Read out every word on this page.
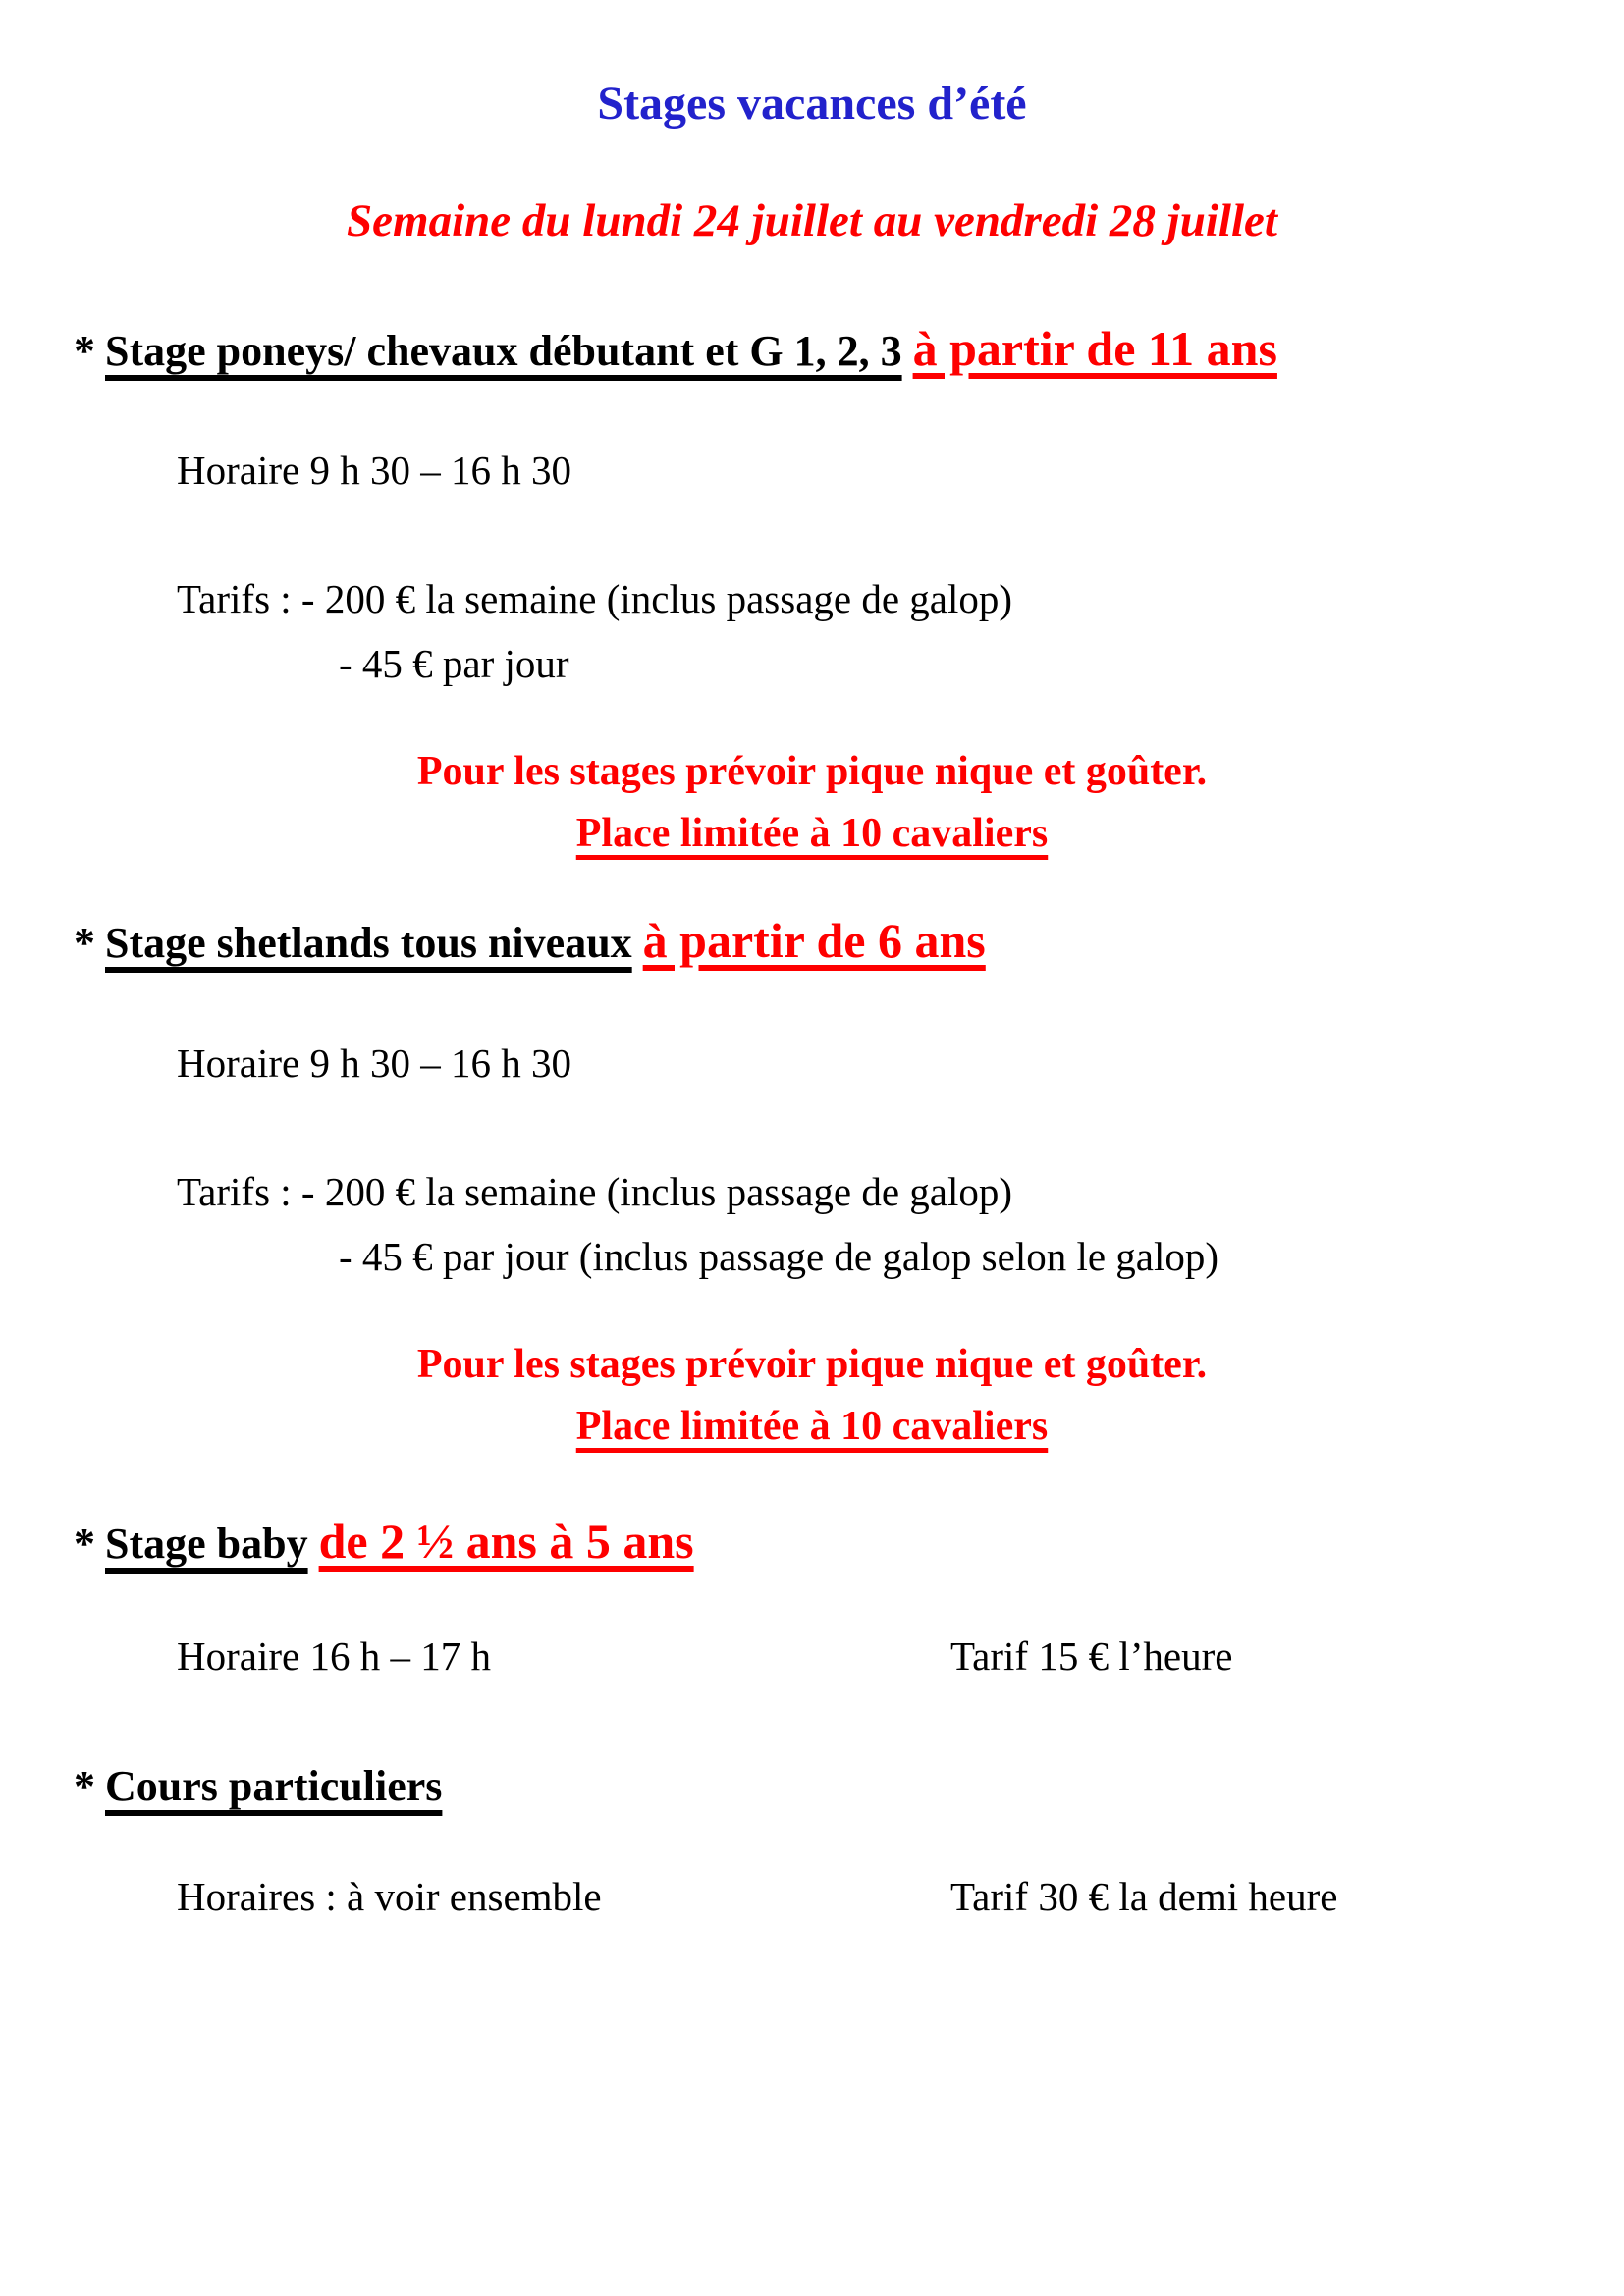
Stages vacances d’été
Semaine du lundi 24 juillet au vendredi 28 juillet
* Stage poneys/ chevaux débutant et G 1, 2, 3 à partir de 11 ans

Horaire 9 h 30 – 16 h 30

Tarifs : - 200 € la semaine (inclus passage de galop)
- 45 € par jour
Pour les stages prévoir pique nique et goûter.
Place limitée à 10 cavaliers
* Stage shetlands tous niveaux à partir de 6 ans

Horaire 9 h 30 – 16 h 30

Tarifs : - 200 € la semaine (inclus passage de galop)
- 45 € par jour (inclus passage de galop selon le galop)
Pour les stages prévoir pique nique et goûter.
Place limitée à 10 cavaliers
* Stage baby de 2 ½ ans à 5 ans
Horaire 16 h – 17 h	Tarif 15 € l’heure
* Cours particuliers
Horaires : à voir ensemble	Tarif 30 € la demi heure
